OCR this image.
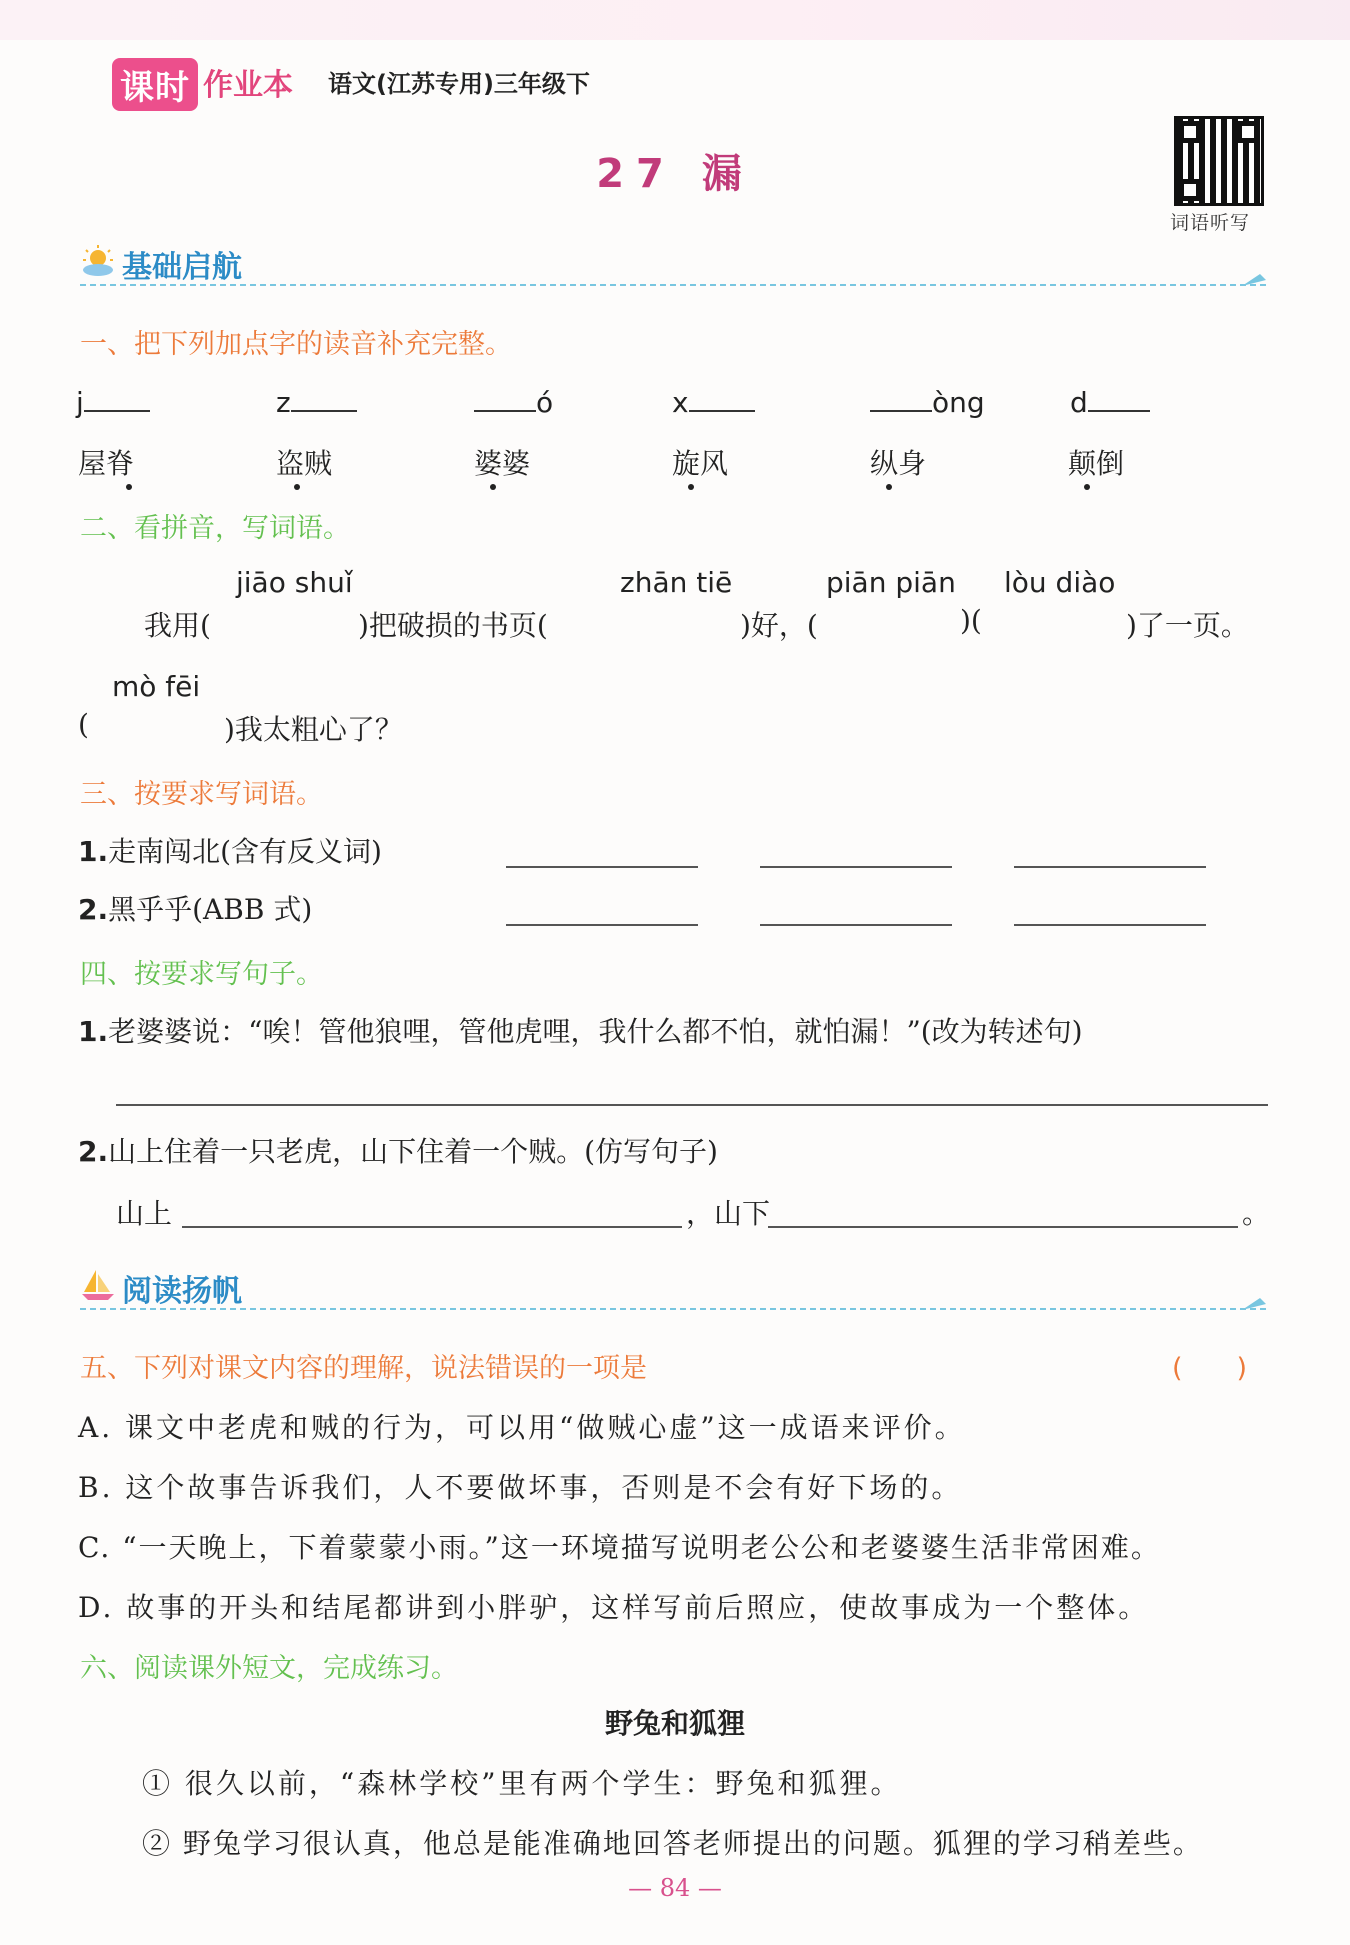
课时 作业本 语文(江苏专用)三年级下
27 漏
词语听写
基础启航
一、把下列加点字的读音补充完整。
j	z	ó	x	òng	d
屋脊	盗贼	婆婆	旋风	纵身	颠倒
二、看拼音，写词语。
jiāo shuǐ	zhān tiē	piān piān lòu diào
我用(	)把破损的书页(	)好，(	)(	)了一页。
mò fēi
(	)我太粗心了？
三、按要求写词语。
1.走南闯北(含有反义词)
2.黑乎乎(ABB 式)
四、按要求写句子。
1.老婆婆说：“唉！管他狼哩，管他虎哩，我什么都不怕，就怕漏！”(改为转述句)
2.山上住着一只老虎，山下住着一个贼。(仿写句子)
山上	，山下	。
阅读扬帆
五、下列对课文内容的理解，说法错误的一项是	(　　)
A. 课文中老虎和贼的行为，可以用“做贼心虚”这一成语来评价。
B. 这个故事告诉我们，人不要做坏事，否则是不会有好下场的。
C. “一天晚上，下着蒙蒙小雨。”这一环境描写说明老公公和老婆婆生活非常困难。
D. 故事的开头和结尾都讲到小胖驴，这样写前后照应，使故事成为一个整体。
六、阅读课外短文，完成练习。
野兔和狐狸
① 很久以前，“森林学校”里有两个学生：野兔和狐狸。
② 野兔学习很认真，他总是能准确地回答老师提出的问题。狐狸的学习稍差些。
— 84 —
